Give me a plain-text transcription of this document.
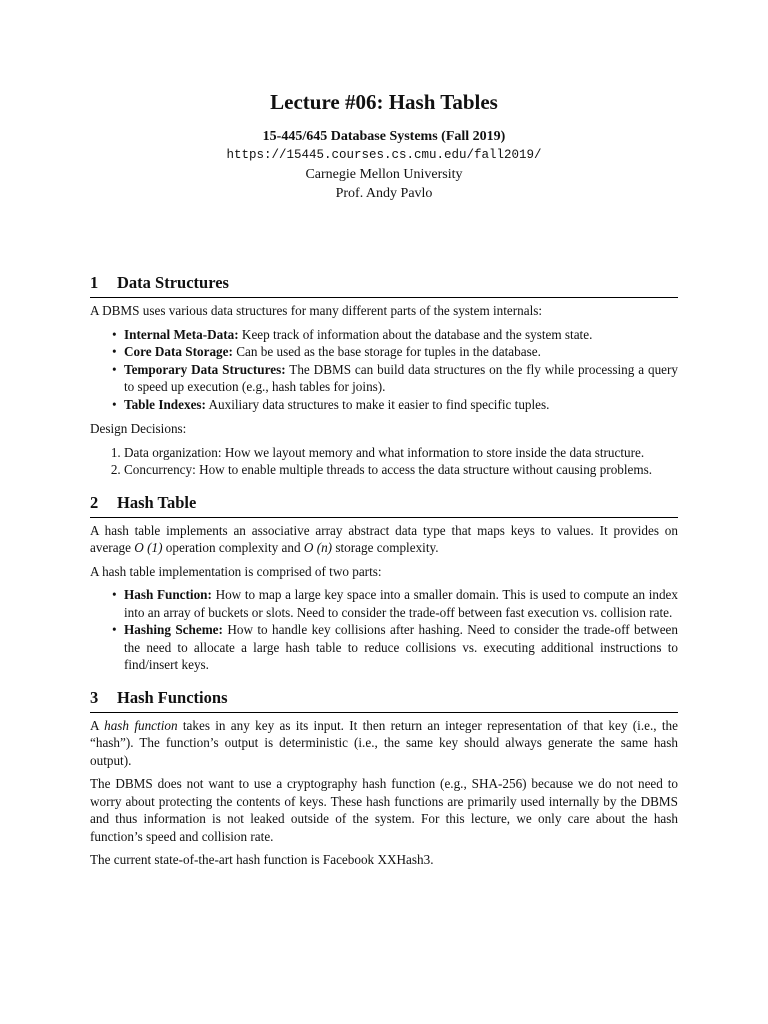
Lecture #06: Hash Tables
15-445/645 Database Systems (Fall 2019)
https://15445.courses.cs.cmu.edu/fall2019/
Carnegie Mellon University
Prof. Andy Pavlo
1 Data Structures

A DBMS uses various data structures for many different parts of the system internals:

• Internal Meta-Data: Keep track of information about the database and the system state.
• Core Data Storage: Can be used as the base storage for tuples in the database.
• Temporary Data Structures: The DBMS can build data structures on the fly while processing a query to speed up execution (e.g., hash tables for joins).
• Table Indexes: Auxiliary data structures to make it easier to find specific tuples.

Design Decisions:

1. Data organization: How we layout memory and what information to store inside the data structure.
2. Concurrency: How to enable multiple threads to access the data structure without causing problems.
2 Hash Table

A hash table implements an associative array abstract data type that maps keys to values. It provides on average O (1) operation complexity and O (n) storage complexity.

A hash table implementation is comprised of two parts:

• Hash Function: How to map a large key space into a smaller domain. This is used to compute an index into an array of buckets or slots. Need to consider the trade-off between fast execution vs. collision rate.
• Hashing Scheme: How to handle key collisions after hashing. Need to consider the trade-off between the need to allocate a large hash table to reduce collisions vs. executing additional instructions to find/insert keys.
3 Hash Functions

A hash function takes in any key as its input. It then return an integer representation of that key (i.e., the “hash”). The function’s output is deterministic (i.e., the same key should always generate the same hash output).

The DBMS does not want to use a cryptography hash function (e.g., SHA-256) because we do not need to worry about protecting the contents of keys. These hash functions are primarily used internally by the DBMS and thus information is not leaked outside of the system. For this lecture, we only care about the hash function’s speed and collision rate.

The current state-of-the-art hash function is Facebook XXHash3.
